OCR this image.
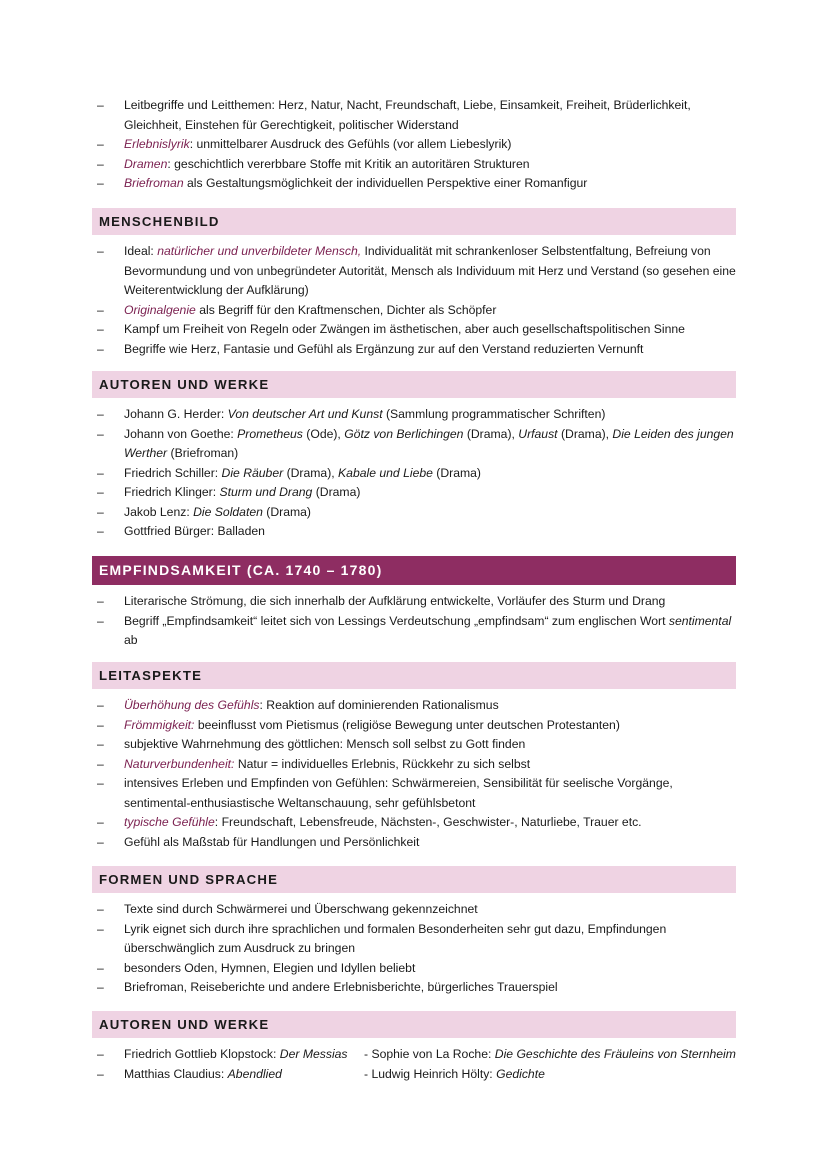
– Leitbegriffe und Leitthemen: Herz, Natur, Nacht, Freundschaft, Liebe, Einsamkeit, Freiheit, Brüderlichkeit, Gleichheit, Einstehen für Gerechtigkeit, politischer Widerstand
– Erlebnislyrik: unmittelbarer Ausdruck des Gefühls (vor allem Liebeslyrik)
– Dramen: geschichtlich vererbbare Stoffe mit Kritik an autoritären Strukturen
– Briefroman als Gestaltungsmöglichkeit der individuellen Perspektive einer Romanfigur
MENSCHENBILD
– Ideal: natürlicher und unverbildeter Mensch, Individualität mit schrankenloser Selbstentfaltung, Befreiung von Bevormundung und von unbegründeter Autorität, Mensch als Individuum mit Herz und Verstand (so gesehen eine Weiterentwicklung der Aufklärung)
– Originalgenie als Begriff für den Kraftmenschen, Dichter als Schöpfer
– Kampf um Freiheit von Regeln oder Zwängen im ästhetischen, aber auch gesellschaftspolitischen Sinne
– Begriffe wie Herz, Fantasie und Gefühl als Ergänzung zur auf den Verstand reduzierten Vernunft
AUTOREN UND WERKE
– Johann G. Herder: Von deutscher Art und Kunst (Sammlung programmatischer Schriften)
– Johann von Goethe: Prometheus (Ode), Götz von Berlichingen (Drama), Urfaust (Drama), Die Leiden des jungen Werther (Briefroman)
– Friedrich Schiller: Die Räuber (Drama), Kabale und Liebe (Drama)
– Friedrich Klinger: Sturm und Drang (Drama)
– Jakob Lenz: Die Soldaten (Drama)
– Gottfried Bürger: Balladen
EMPFINDSAMKEIT (CA. 1740 – 1780)
– Literarische Strömung, die sich innerhalb der Aufklärung entwickelte, Vorläufer des Sturm und Drang
– Begriff „Empfindsamkeit“ leitet sich von Lessings Verdeutschung „empfindsam“ zum englischen Wort sentimental ab
LEITASPEKTE
– Überhöhung des Gefühls: Reaktion auf dominierenden Rationalismus
– Frömmigkeit: beeinflusst vom Pietismus (religiöse Bewegung unter deutschen Protestanten)
– subjektive Wahrnehmung des göttlichen: Mensch soll selbst zu Gott finden
– Naturverbundenheit: Natur = individuelles Erlebnis, Rückkehr zu sich selbst
– intensives Erleben und Empfinden von Gefühlen: Schwärmereien, Sensibilität für seelische Vorgänge, sentimental-enthusiastische Weltanschauung, sehr gefühlsbetont
– typische Gefühle: Freundschaft, Lebensfreude, Nächsten-, Geschwister-, Naturliebe, Trauer etc.
– Gefühl als Maßstab für Handlungen und Persönlichkeit
FORMEN UND SPRACHE
– Texte sind durch Schwärmerei und Überschwang gekennzeichnet
– Lyrik eignet sich durch ihre sprachlichen und formalen Besonderheiten sehr gut dazu, Empfindungen überschwänglich zum Ausdruck zu bringen
– besonders Oden, Hymnen, Elegien und Idyllen beliebt
– Briefroman, Reiseberichte und andere Erlebnisberichte, bürgerliches Trauerspiel
AUTOREN UND WERKE
– Friedrich Gottlieb Klopstock: Der Messias - Sophie von La Roche: Die Geschichte des Fräuleins von Sternheim
– Matthias Claudius: Abendlied	- Ludwig Heinrich Hölty: Gedichte
